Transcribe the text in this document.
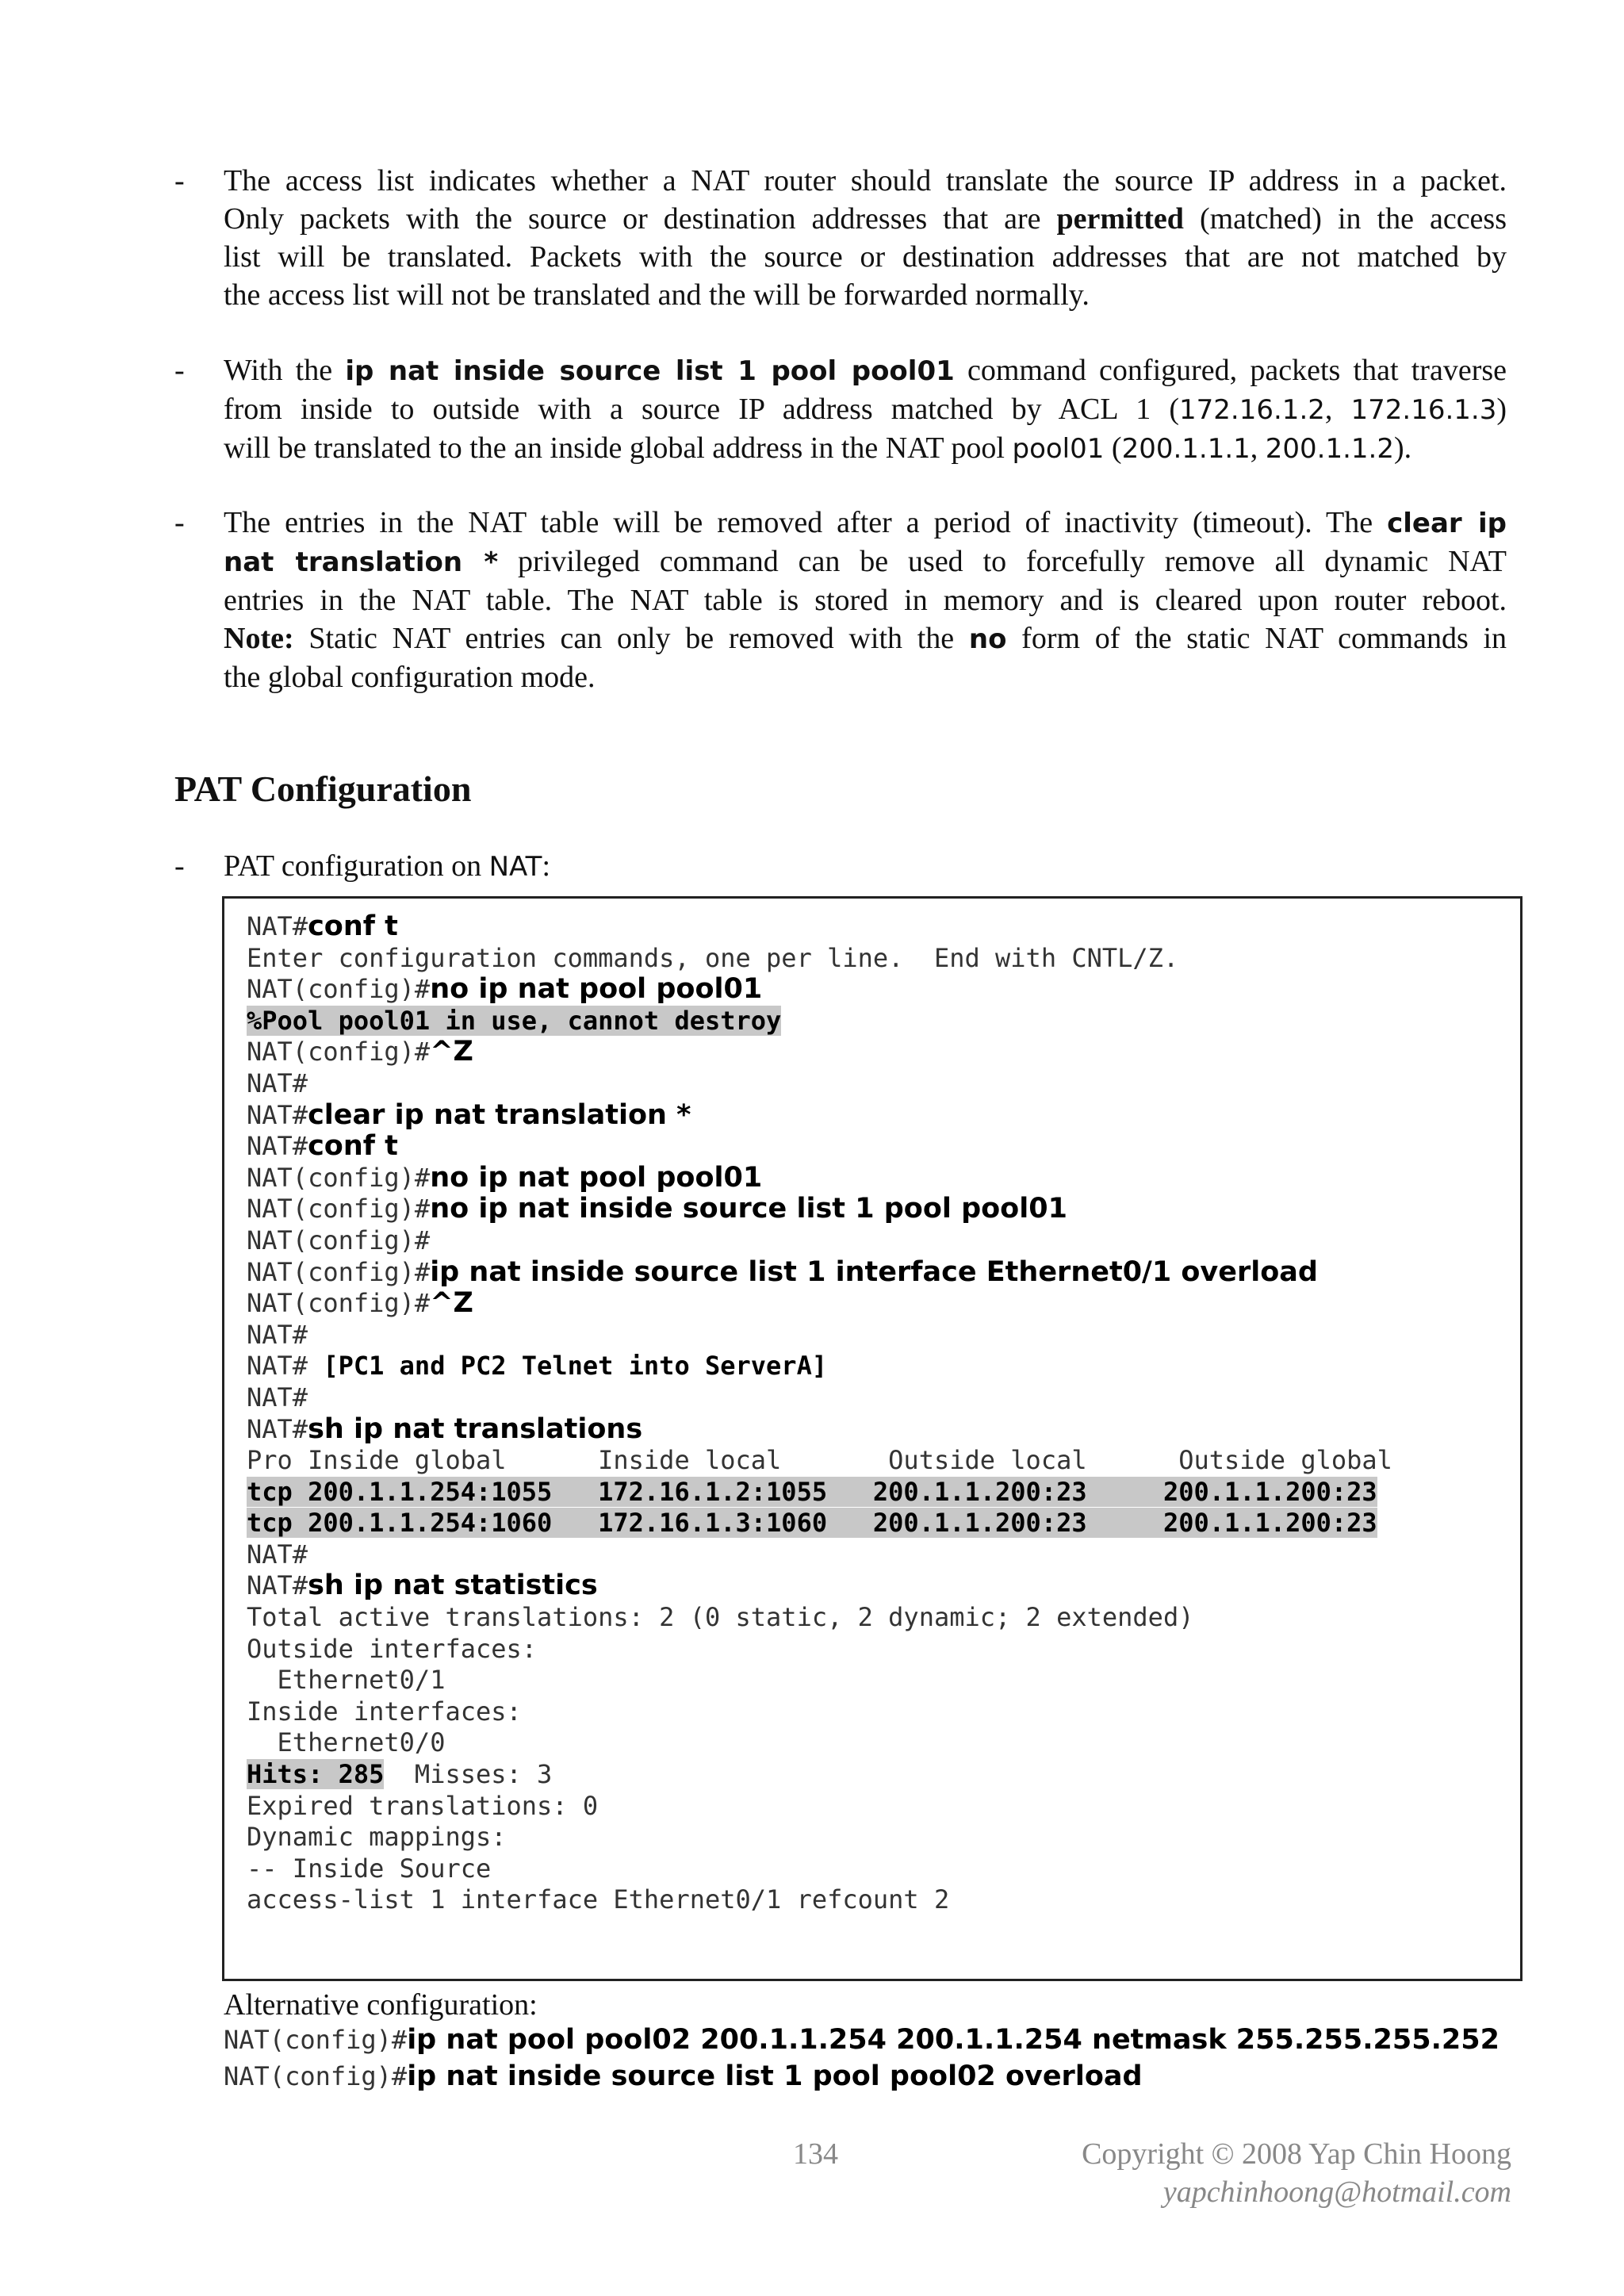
- The access list indicates whether a NAT router should translate the source IP address in a packet.
Only packets with the source or destination addresses that are permitted (matched) in the access
list will be translated. Packets with the source or destination addresses that are not matched by
the access list will not be translated and the will be forwarded normally.
- With the ip nat inside source list 1 pool pool01 command configured, packets that traverse
from inside to outside with a source IP address matched by ACL 1 (172.16.1.2, 172.16.1.3)
will be translated to the an inside global address in the NAT pool pool01 (200.1.1.1, 200.1.1.2).
- The entries in the NAT table will be removed after a period of inactivity (timeout). The clear ip
nat translation * privileged command can be used to forcefully remove all dynamic NAT
entries in the NAT table. The NAT table is stored in memory and is cleared upon router reboot.
Note: Static NAT entries can only be removed with the no form of the static NAT commands in
the global configuration mode.
PAT Configuration
- PAT configuration on NAT:
NAT#conf t
Enter configuration commands, one per line.  End with CNTL/Z.
NAT(config)#no ip nat pool pool01
%Pool pool01 in use, cannot destroy
NAT(config)#^Z
NAT#
NAT#clear ip nat translation *
NAT#conf t
NAT(config)#no ip nat pool pool01
NAT(config)#no ip nat inside source list 1 pool pool01
NAT(config)#
NAT(config)#ip nat inside source list 1 interface Ethernet0/1 overload
NAT(config)#^Z
NAT#
NAT# [PC1 and PC2 Telnet into ServerA]
NAT#
NAT#sh ip nat translations
Pro Inside global      Inside local       Outside local      Outside global
tcp 200.1.1.254:1055   172.16.1.2:1055   200.1.1.200:23     200.1.1.200:23
tcp 200.1.1.254:1060   172.16.1.3:1060   200.1.1.200:23     200.1.1.200:23
NAT#
NAT#sh ip nat statistics
Total active translations: 2 (0 static, 2 dynamic; 2 extended)
Outside interfaces:
Ethernet0/1
Inside interfaces:
Ethernet0/0
Hits: 285  Misses: 3
Expired translations: 0
Dynamic mappings:
-- Inside Source
access-list 1 interface Ethernet0/1 refcount 2
Alternative configuration:
NAT(config)#ip nat pool pool02 200.1.1.254 200.1.1.254 netmask 255.255.255.252
NAT(config)#ip nat inside source list 1 pool pool02 overload
134	Copyright © 2008 Yap Chin Hoong
yapchinhoong@hotmail.com
